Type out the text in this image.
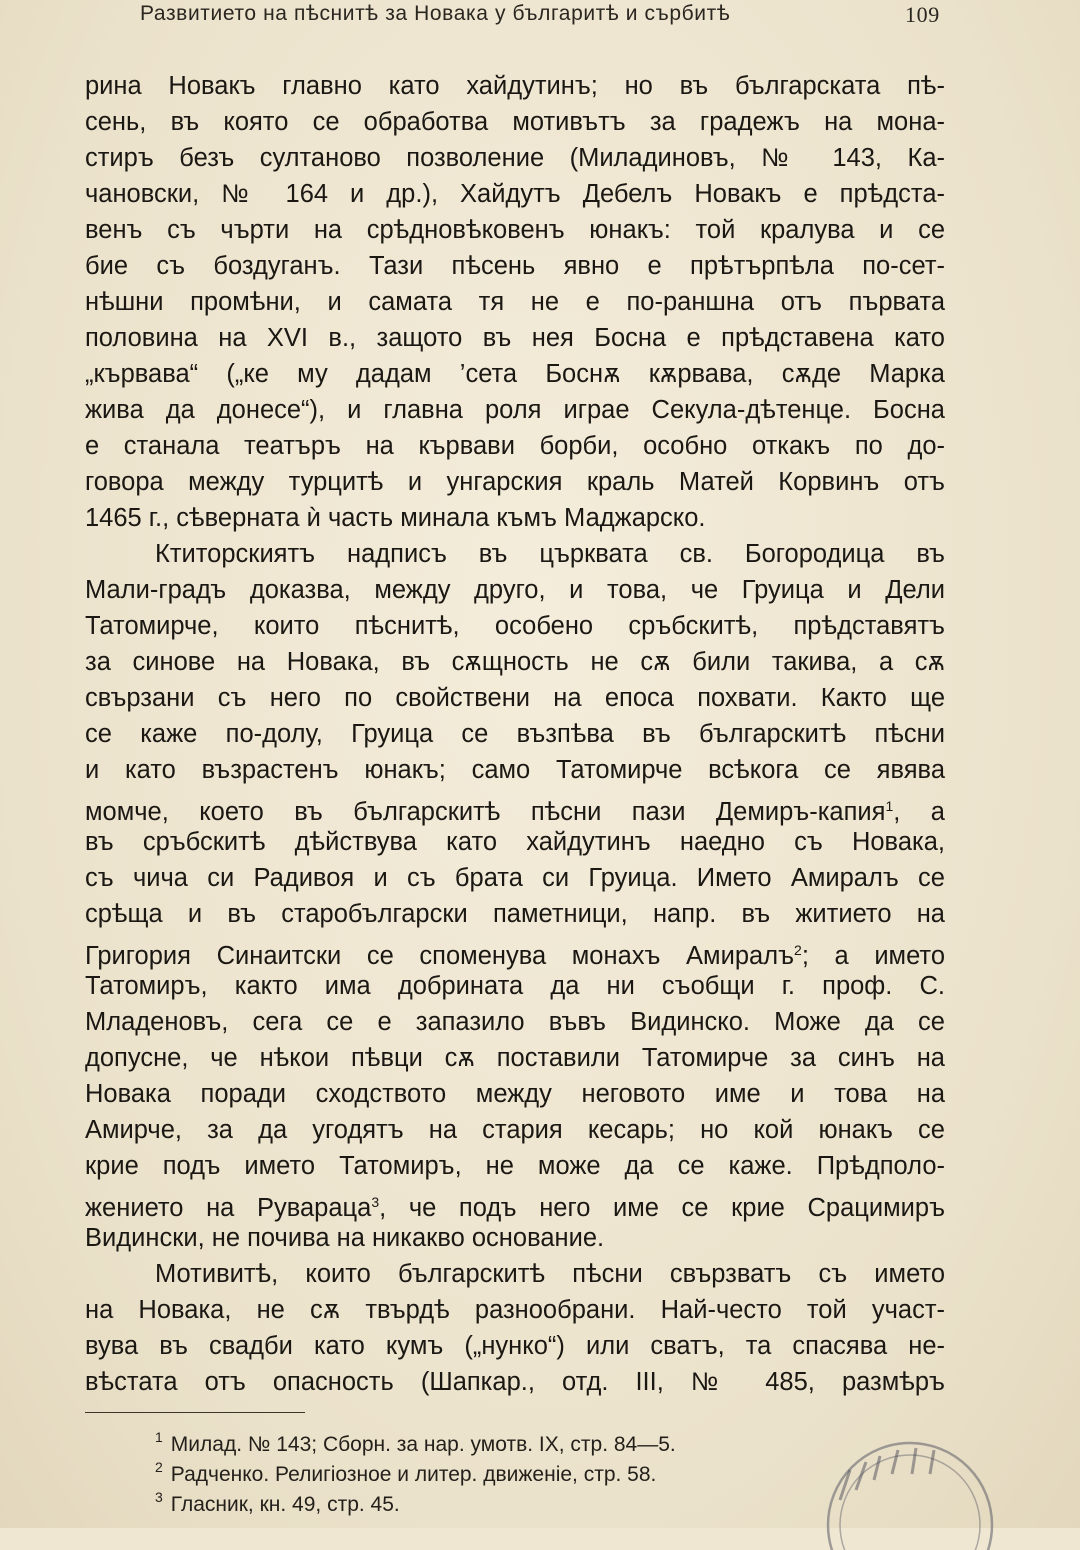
Развитието на пѣснитѣ за Новака у българитѣ и сърбитѣ	109
рина Новакъ главно като хайдутинъ; но въ българската пѣ-
сень, въ която се обработва мотивътъ за градежъ на мона-
стиръ безъ султаново позволение (Миладиновъ, № 143, Ка-
чановски, № 164 и др.), Хайдутъ Дебелъ Новакъ е прѣдста-
венъ съ чърти на срѣдновѣковенъ юнакъ: той кралува и се
бие съ боздуганъ. Тази пѣсень явно е прѣтърпѣла по-сет-
нѣшни промѣни, и самата тя не е по-раншна отъ първата
половина на XVI в., защото въ нея Босна е прѣдставена като
„кървава“ („ке му дадам ’сета Боснѫ кѫрвава, сѫде Марка
жива да донесе“), и главна роля играе Секула-дѣтенце. Босна
е станала театъръ на кървави борби, особно откакъ по до-
говора между турцитѣ и унгарския краль Матей Корвинъ отъ
1465 г., сѣверната ѝ часть минала къмъ Маджарско.
Ктиторскиятъ надписъ въ църквата св. Богородица въ
Мали-градъ доказва, между друго, и това, че Груица и Дели
Татомирче, които пѣснитѣ, особено сръбскитѣ, прѣдставятъ
за синове на Новака, въ сѫщность не сѫ били такива, а сѫ
свързани съ него по свойствени на епоса похвати. Както ще
се каже по-долу, Груица се възпѣва въ българскитѣ пѣсни
и като възрастенъ юнакъ; само Татомирче всѣкога се явява
момче, което въ българскитѣ пѣсни пази Демиръ-капия$^1$, а
въ сръбскитѣ дѣйствува като хайдутинъ наедно съ Новака,
съ чича си Радивоя и съ брата си Груица. Името Амиралъ се
срѣща и въ старобългарски паметници, напр. въ житието на
Григория Синаитски се споменува монахъ Амиралъ$^2$; а името
Татомиръ, както има добрината да ни съобщи г. проф. С.
Младеновъ, сега се е запазило въвъ Видинско. Може да се
допусне, че нѣкои пѣвци сѫ поставили Татомирче за синъ на
Новака поради сходството между неговото име и това на
Амирче, за да угодятъ на стария кесарь; но кой юнакъ се
крие подъ името Татомиръ, не може да се каже. Прѣдполо-
жението на Рувараца$^3$, че подъ него име се крие Срацимиръ
Видински, не почива на никакво основание.
Мотивитѣ, които българскитѣ пѣсни свързватъ съ името
на Новака, не сѫ твърдѣ разнообрани. Най-често той участ-
вува въ свадби като кумъ („нунко“) или сватъ, та спасява не-
вѣстата отъ опасность (Шапкар., отд. III, № 485, размѣръ
$^1$ Милад. № 143; Сборн. за нар. умотв. IX, стр. 84—5.
$^2$ Радченко. Религіозное и литер. движеніе, стр. 58.
$^3$ Гласник, кн. 49, стр. 45.
